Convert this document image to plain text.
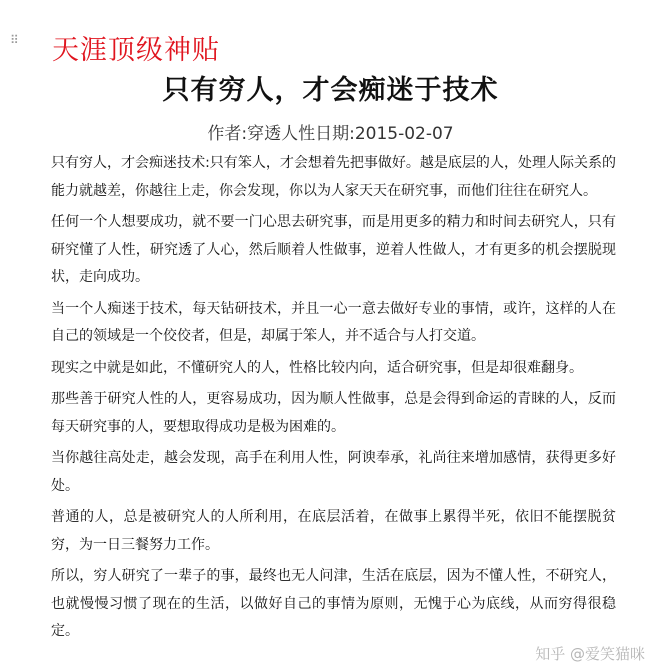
⠿ 天涯顶级神贴
只有穷人，才会痴迷于技术
作者:穿透人性日期:2015-02-07

只有穷人，才会痴迷技术:只有笨人，才会想着先把事做好。越是底层的人，处理人际关系的能力就越差，你越往上走，你会发现，你以为人家天天在研究事，而他们往往在研究人。

任何一个人想要成功，就不要一门心思去研究事，而是用更多的精力和时间去研究人，只有研究懂了人性，研究透了人心，然后顺着人性做事，逆着人性做人，才有更多的机会摆脱现状，走向成功。

当一个人痴迷于技术，每天钻研技术，并且一心一意去做好专业的事情，或许，这样的人在自己的领域是一个佼佼者，但是，却属于笨人，并不适合与人打交道。

现实之中就是如此，不懂研究人的人，性格比较内向，适合研究事，但是却很难翻身。

那些善于研究人性的人，更容易成功，因为顺人性做事，总是会得到命运的青睐的人，反而每天研究事的人，要想取得成功是极为困难的。

当你越往高处走，越会发现，高手在利用人性，阿谀奉承，礼尚往来增加感情，获得更多好处。

普通的人，总是被研究人的人所利用，在底层活着，在做事上累得半死，依旧不能摆脱贫穷，为一日三餐努力工作。

所以，穷人研究了一辈子的事，最终也无人问津，生活在底层，因为不懂人性，不研究人，也就慢慢习惯了现在的生活，以做好自己的事情为原则，无愧于心为底线，从而穷得很稳定。

知乎 @爱笑猫咪
